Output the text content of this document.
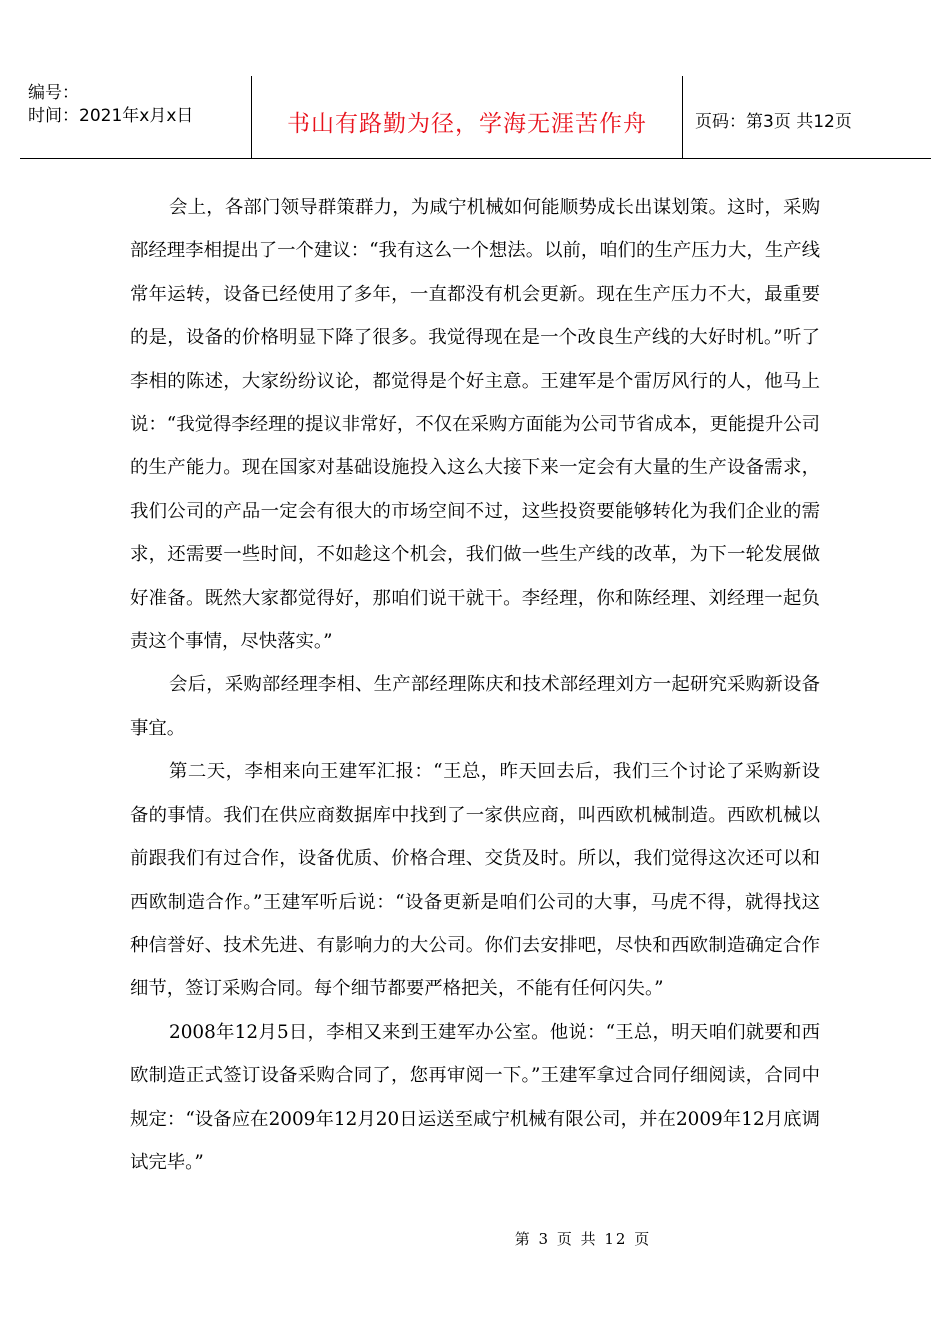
编号：
时间：2021年x月x日	书山有路勤为径，学海无涯苦作舟	页码：第3页 共12页

会上，各部门领导群策群力，为咸宁机械如何能顺势成长出谋划策。这时，采购部经理李相提出了一个建议：“我有这么一个想法。以前，咱们的生产压力大，生产线常年运转，设备已经使用了多年，一直都没有机会更新。现在生产压力不大，最重要的是，设备的价格明显下降了很多。我觉得现在是一个改良生产线的大好时机。”听了李相的陈述，大家纷纷议论，都觉得是个好主意。王建军是个雷厉风行的人，他马上说：“我觉得李经理的提议非常好，不仅在采购方面能为公司节省成本，更能提升公司的生产能力。现在国家对基础设施投入这么大接下来一定会有大量的生产设备需求，我们公司的产品一定会有很大的市场空间不过，这些投资要能够转化为我们企业的需求，还需要一些时间，不如趁这个机会，我们做一些生产线的改革，为下一轮发展做好准备。既然大家都觉得好，那咱们说干就干。李经理，你和陈经理、刘经理一起负责这个事情，尽快落实。”

会后，采购部经理李相、生产部经理陈庆和技术部经理刘方一起研究采购新设备事宜。

第二天，李相来向王建军汇报：“王总，昨天回去后，我们三个讨论了采购新设备的事情。我们在供应商数据库中找到了一家供应商，叫西欧机械制造。西欧机械以前跟我们有过合作，设备优质、价格合理、交货及时。所以，我们觉得这次还可以和西欧制造合作。”王建军听后说：“设备更新是咱们公司的大事，马虎不得，就得找这种信誉好、技术先进、有影响力的大公司。你们去安排吧，尽快和西欧制造确定合作细节，签订采购合同。每个细节都要严格把关，不能有任何闪失。”

2008年12月5日，李相又来到王建军办公室。他说：“王总，明天咱们就要和西欧制造正式签订设备采购合同了，您再审阅一下。”王建军拿过合同仔细阅读，合同中规定：“设备应在2009年12月20日运送至咸宁机械有限公司，并在2009年12月底调试完毕。”

第 3 页 共 12 页
